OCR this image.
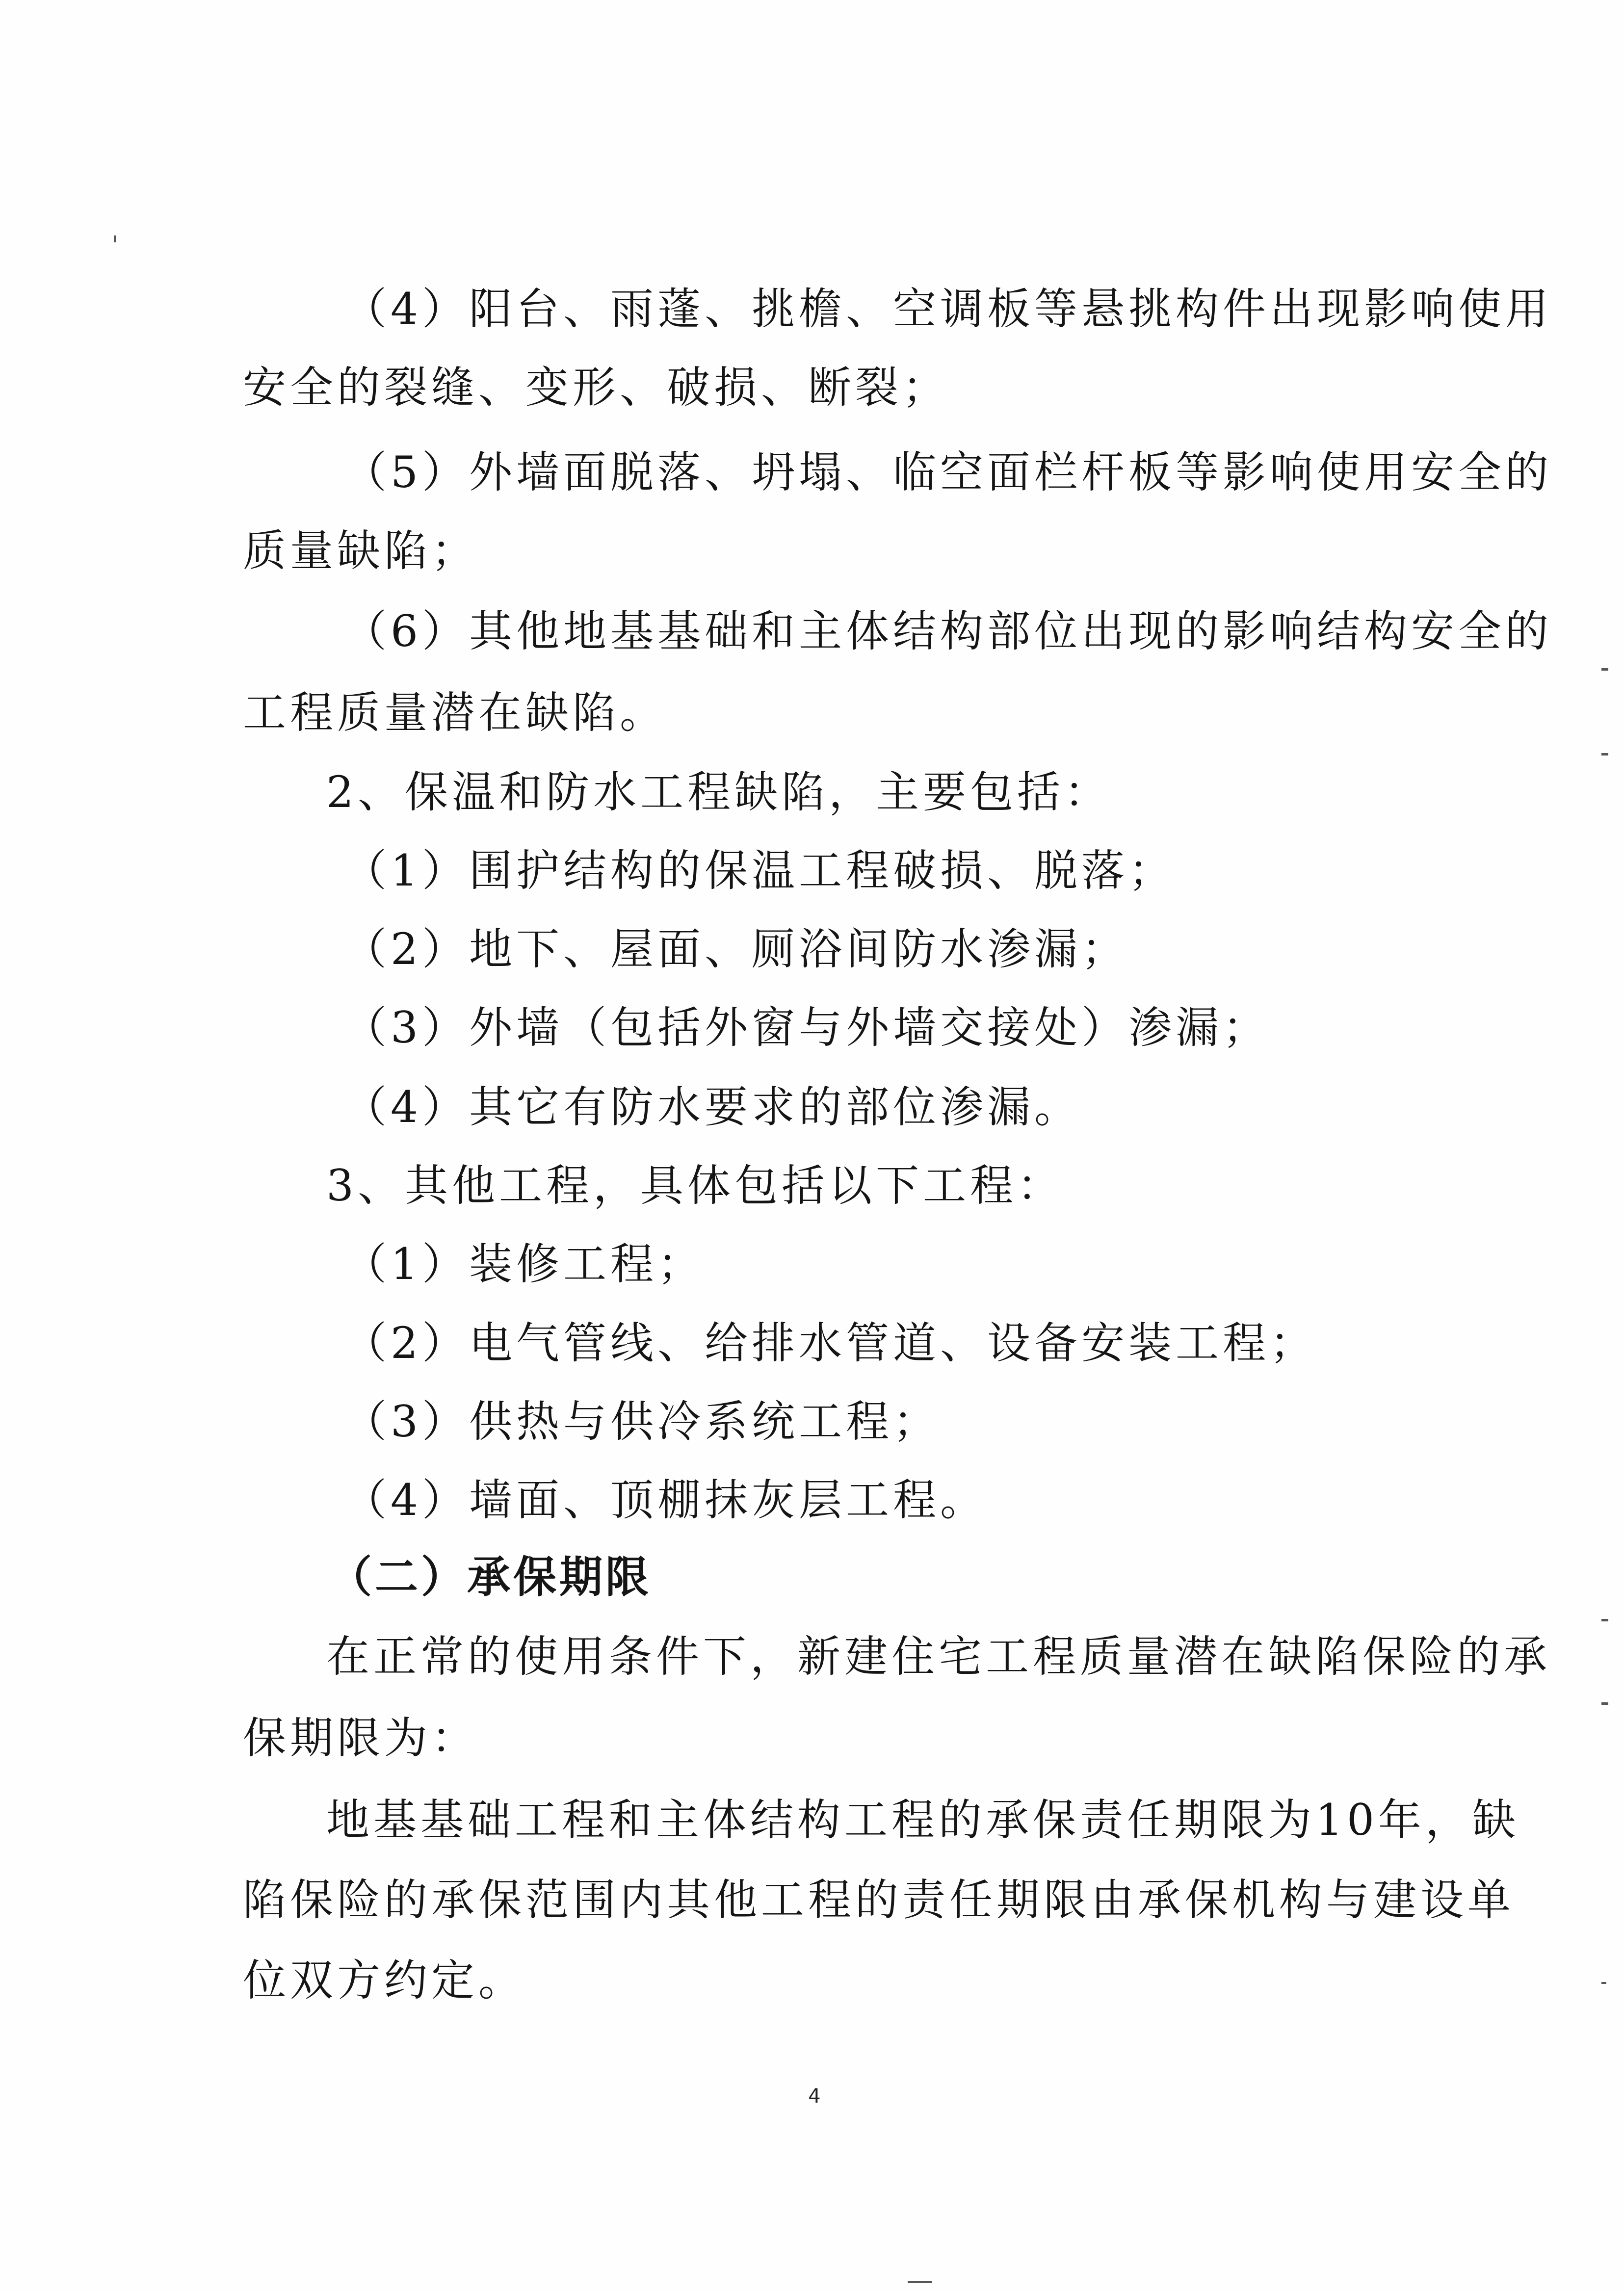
（4）阳台、雨蓬、挑檐、空调板等悬挑构件出现影响使用
安全的裂缝、变形、破损、断裂；
（5）外墙面脱落、坍塌、临空面栏杆板等影响使用安全的
质量缺陷；
（6）其他地基基础和主体结构部位出现的影响结构安全的
工程质量潜在缺陷。
2、保温和防水工程缺陷，主要包括：
（1）围护结构的保温工程破损、脱落；
（2）地下、屋面、厕浴间防水渗漏；
（3）外墙（包括外窗与外墙交接处）渗漏；
（4）其它有防水要求的部位渗漏。
3、其他工程，具体包括以下工程：
（1）装修工程；
（2）电气管线、给排水管道、设备安装工程；
（3）供热与供冷系统工程；
（4）墙面、顶棚抹灰层工程。
（二）承保期限
在正常的使用条件下，新建住宅工程质量潜在缺陷保险的承
保期限为：
地基基础工程和主体结构工程的承保责任期限为10年，缺
陷保险的承保范围内其他工程的责任期限由承保机构与建设单
位双方约定。
4
